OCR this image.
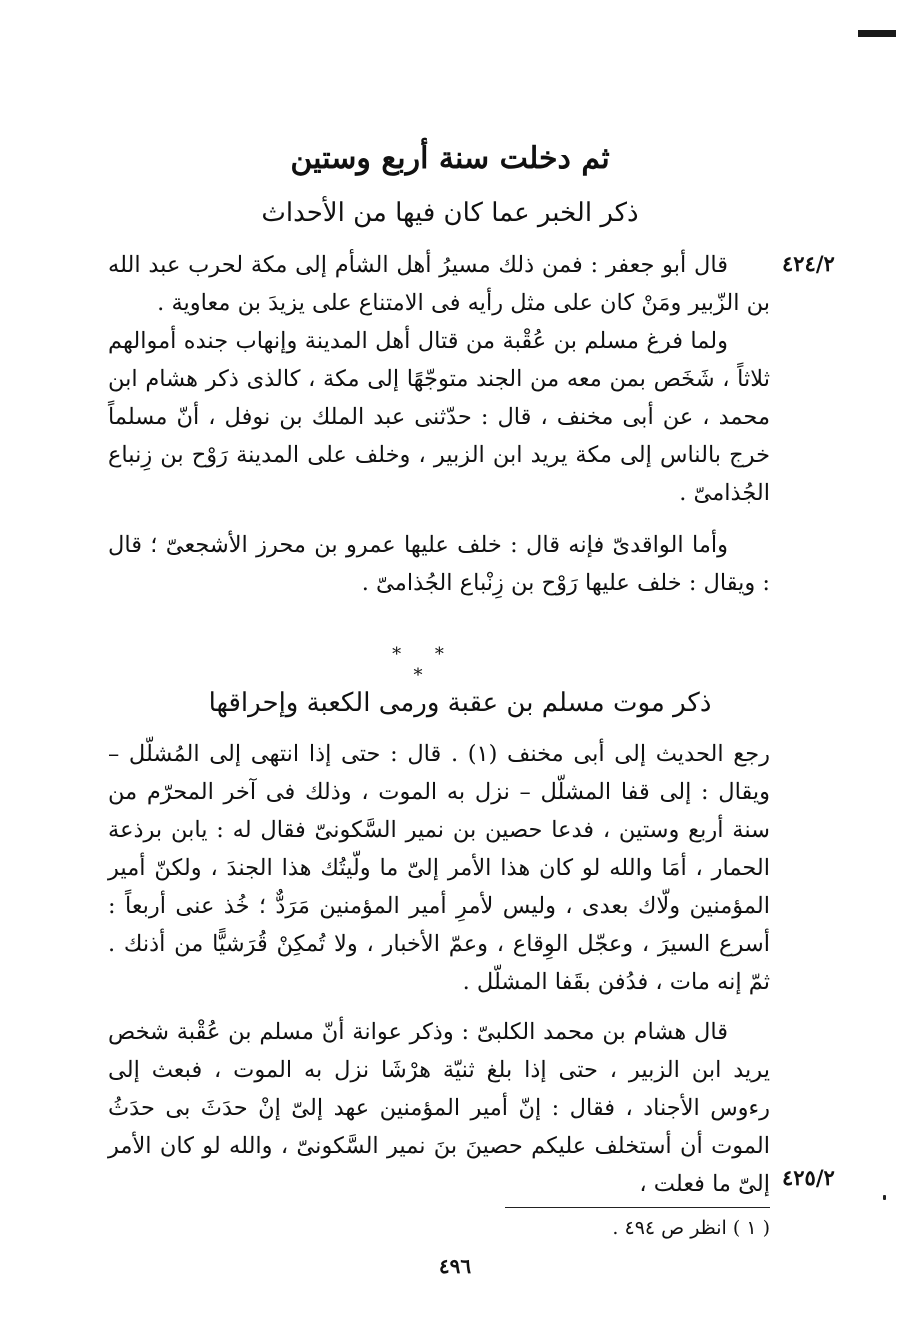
ثم دخلت سنة أربع وستين
ذكر الخبر عما كان فيها من الأحداث
٤٢٤/٢

قال أبو جعفر : فمن ذلك مسيرُ أهل الشأم إلى مكة لحرب عبد الله بن الزّبير ومَنْ كان على مثل رأيه فى الامتناع على يزيدَ بن معاوية .

ولما فرغ مسلم بن عُقْبة من قتال أهل المدينة وإنهاب جنده أموالهم ثلاثاً ، شَخَص بمن معه من الجند متوجّهًا إلى مكة ، كالذى ذكر هشام ابن محمد ، عن أبى مخنف ، قال : حدّثنى عبد الملك بن نوفل ، أنّ مسلماً خرج بالناس إلى مكة يريد ابن الزبير ، وخلف على المدينة رَوْح بن زِنباع الجُذامىّ .

وأما الواقدىّ فإنه قال : خلف عليها عمرو بن محرز الأشجعىّ ؛ قال : ويقال : خلف عليها رَوْح بن زِنْباع الجُذامىّ .

* * *
ذكر موت مسلم بن عقبة ورمى الكعبة وإحراقها

رجع الحديث إلى أبى مخنف (١) . قال : حتى إذا انتهى إلى المُشلّل – ويقال : إلى قفا المشلّل – نزل به الموت ، وذلك فى آخر المحرّم من سنة أربع وستين ، فدعا حصين بن نمير السَّكونىّ فقال له : يابن برذعة الحمار ، أمَا والله لو كان هذا الأمر إلىّ ما ولّيتُك هذا الجندَ ، ولكنّ أمير المؤمنين ولّاك بعدى ، وليس لأمرِ أمير المؤمنين مَرَدٌّ ؛ خُذ عنى أربعاً : أسرع السيرَ ، وعجّل الوِقاع ، وعمّ الأخبار ، ولا تُمكِنْ قُرَشيًّا من أذنك . ثمّ إنه مات ، فدُفن بقَفا المشلّل .

قال هشام بن محمد الكلبىّ : وذكر عوانة أنّ مسلم بن عُقْبة شخص يريد ابن الزبير ، حتى إذا بلغ ثنيّة هرْشَا نزل به الموت ، فبعث إلى رءوس الأجناد ، فقال : إنّ أمير المؤمنين عهد إلىّ إنْ حدَثَ بى حدَثُ الموت أن أستخلف عليكم حصينَ بنَ نمير السَّكونىّ ، والله لو كان الأمر إلىّ ما فعلت ، ٤٢٥/٢
( ١ ) انظر ص ٤٩٤ .
٤٩٦
